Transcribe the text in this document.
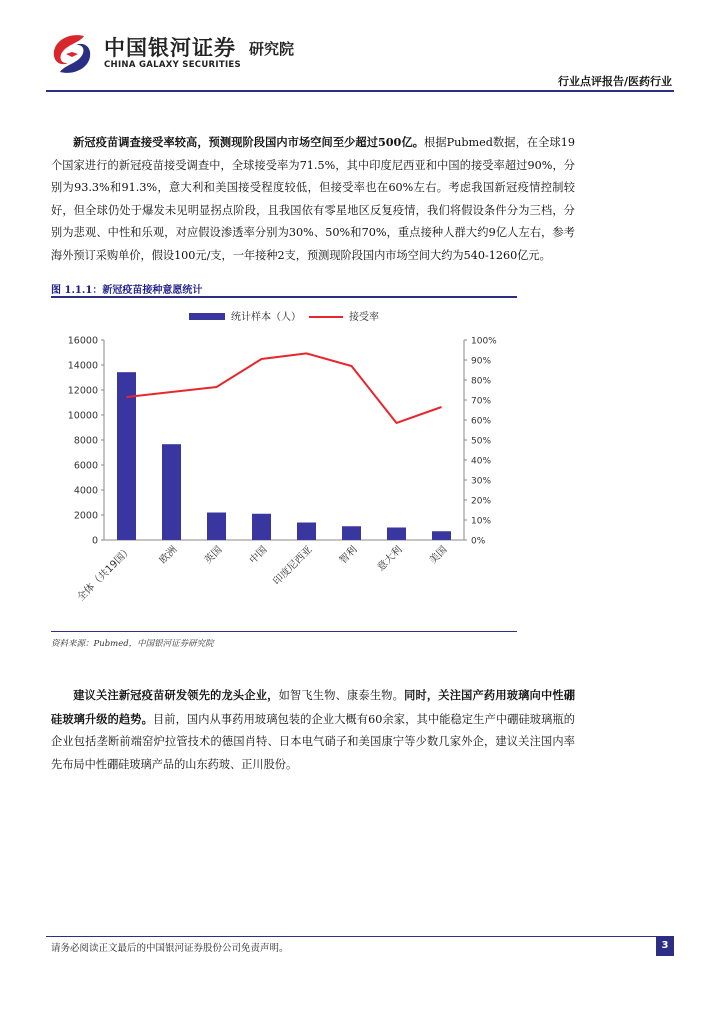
中国银河证券
CHINA GALAXY SECURITIES
研究院
行业点评报告/医药行业
新冠疫苗调查接受率较高，预测现阶段国内市场空间至少超过500亿。根据Pubmed数据，在全球19个国家进行的新冠疫苗接受调查中，全球接受率为71.5%，其中印度尼西亚和中国的接受率超过90%，分别为93.3%和91.3%，意大利和美国接受程度较低，但接受率也在60%左右。考虑我国新冠疫情控制较好，但全球仍处于爆发未见明显拐点阶段，且我国依有零星地区反复疫情，我们将假设条件分为三档，分别为悲观、中性和乐观，对应假设渗透率分别为30%、50%和70%，重点接种人群大约9亿人左右，参考海外预订采购单价，假设100元/支，一年接种2支，预测现阶段国内市场空间大约为540-1260亿元。
图 1.1.1：新冠疫苗接种意愿统计
统计样本（人）	接受率
0
2000
4000
6000
8000
10000
12000
14000
16000
0%
10%
20%
30%
40%
50%
60%
70%
80%
90%
100%
全体（共19国） 欧洲 英国 中国 印度尼西亚 智利 意大利 美国
资料来源：Pubmed，中国银河证券研究院
建议关注新冠疫苗研发领先的龙头企业，如智飞生物、康泰生物。同时，关注国产药用玻璃向中性硼硅玻璃升级的趋势。目前，国内从事药用玻璃包装的企业大概有60余家，其中能稳定生产中硼硅玻璃瓶的企业包括垄断前端窑炉拉管技术的德国肖特、日本电气硝子和美国康宁等少数几家外企，建议关注国内率先布局中性硼硅玻璃产品的山东药玻、正川股份。
请务必阅读正文最后的中国银河证券股份公司免责声明。	3
